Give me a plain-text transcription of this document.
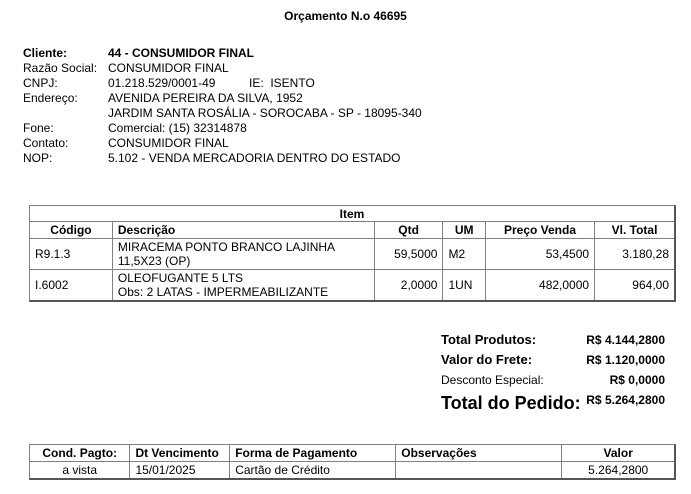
Orçamento N.o 46695
Cliente:	44 - CONSUMIDOR FINAL
Razão Social: CONSUMIDOR FINAL
CNPJ:	01.218.529/0001-49	IE:  ISENTO
Endereço:	AVENIDA PEREIRA DA SILVA, 1952
JARDIM SANTA ROSÁLIA - SOROCABA - SP - 18095-340
Fone:	Comercial: (15) 32314878
Contato:	CONSUMIDOR FINAL
NOP:	5.102 - VENDA MERCADORIA DENTRO DO ESTADO
Item					
Código	Descrição	Qtd	UM	Preço Venda	Vl. Total
R9.1.3	MIRACEMA PONTO BRANCO LAJINHA
11,5X23 (OP)	59,5000	M2	53,4500	3.180,28
I.6002	OLEOFUGANTE 5 LTS
Obs: 2 LATAS - IMPERMEABILIZANTE	2,0000	1UN	482,0000	964,00
Total Produtos:	R$ 4.144,2800
Valor do Frete:	R$ 1.120,0000
Desconto Especial:	R$ 0,0000
Total do Pedido: R$ 5.264,2800
Cond. Pagto:	Dt Vencimento	Forma de Pagamento	Observações	Valor
a vista	15/01/2025	Cartão de Crédito		5.264,2800
